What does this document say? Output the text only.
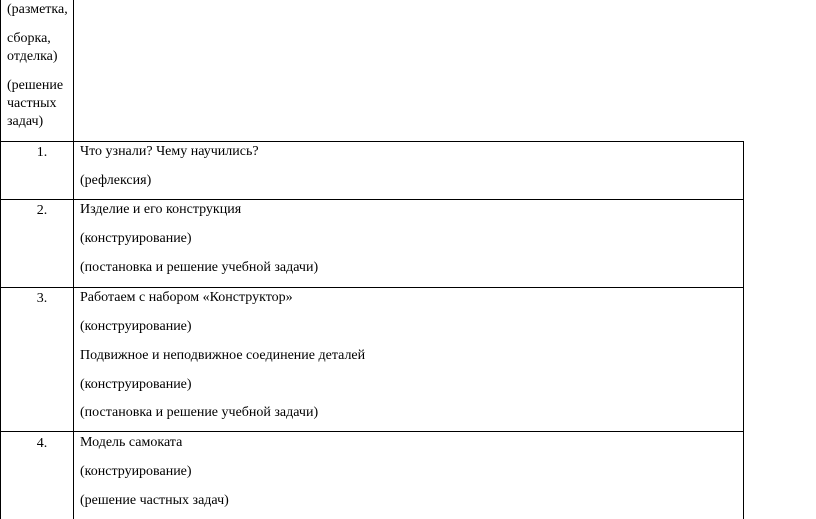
(разметка,
сборка,
отделка)
(решение
частных
задач)
1.	Что узнали? Чему научились?
(рефлексия)
2.	Изделие и его конструкция
(конструирование)
(постановка и решение учебной задачи)
3.	Работаем с набором «Конструктор»
(конструирование)
Подвижное и неподвижное соединение деталей
(конструирование)
(постановка и решение учебной задачи)
4.	Модель самоката
(конструирование)
(решение частных задач)
